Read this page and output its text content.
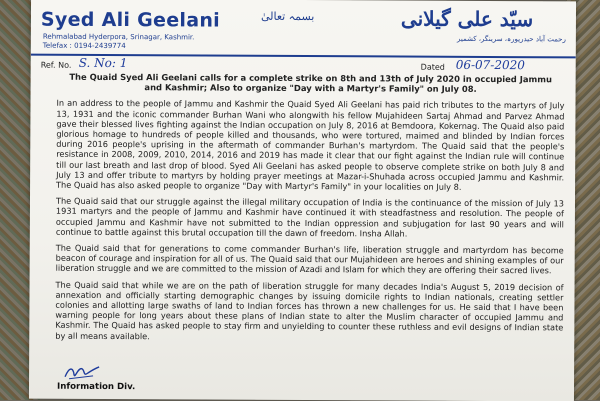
Syed Ali Geelani
Rehmalabad Hyderpora, Srinagar, Kashmir.
Telefax : 0194-2439774
بسمہ تعالیٰ	سیّد علی گیلانی
رحمت آباد حیدرپورہ، سرینگر، کشمیر
Ref. No. S. No: 1	Dated 06-07-2020
The Quaid Syed Ali Geelani calls for a complete strike on 8th and 13th of July 2020 in occupied Jammu and Kashmir; Also to organize "Day with a Martyr's Family" on July 08.

In an address to the people of Jammu and Kashmir the Quaid Syed Ali Geelani has paid rich tributes to the martyrs of July 13, 1931 and the iconic commander Burhan Wani who alongwith his fellow Mujahideen Sartaj Ahmad and Parvez Ahmad gave their blessed lives fighting against the Indian occupation on July 8, 2016 at Bemdoora, Kokernag. The Quaid also paid glorious homage to hundreds of people killed and thousands, who were tortured, maimed and blinded by Indian forces during 2016 people's uprising in the aftermath of commander Burhan's martyrdom. The Quaid said that the people's resistance in 2008, 2009, 2010, 2014, 2016 and 2019 has made it clear that our fight against the Indian rule will continue till our last breath and last drop of blood. Syed Ali Geelani has asked people to observe complete strike on both July 8 and July 13 and offer tribute to martyrs by holding prayer meetings at Mazar-i-Shuhada across occupied Jammu and Kashmir. The Quaid has also asked people to organize "Day with Martyr's Family" in your localities on July 8.

The Quaid said that our struggle against the illegal military occupation of India is the continuance of the mission of July 13 1931 martyrs and the people of Jammu and Kashmir have continued it with steadfastness and resolution. The people of occupied Jammu and Kashmir have not submitted to the Indian oppression and subjugation for last 90 years and will continue to battle against this brutal occupation till the dawn of freedom. Insha Allah.

The Quaid said that for generations to come commander Burhan's life, liberation struggle and martyrdom has become beacon of courage and inspiration for all of us. The Quaid said that our Mujahideen are heroes and shining examples of our liberation struggle and we are committed to the mission of Azadi and Islam for which they are offering their sacred lives.

The Quaid said that while we are on the path of liberation struggle for many decades India's August 5, 2019 decision of annexation and officially starting demographic changes by issuing domicile rights to Indian nationals, creating settler colonies and allotting large swaths of land to Indian forces has thrown a new challenges for us. He said that I have been warning people for long years about these plans of Indian state to alter the Muslim character of occupied Jammu and Kashmir. The Quaid has asked people to stay firm and unyielding to counter these ruthless and evil designs of Indian state by all means available.

Information Div.
